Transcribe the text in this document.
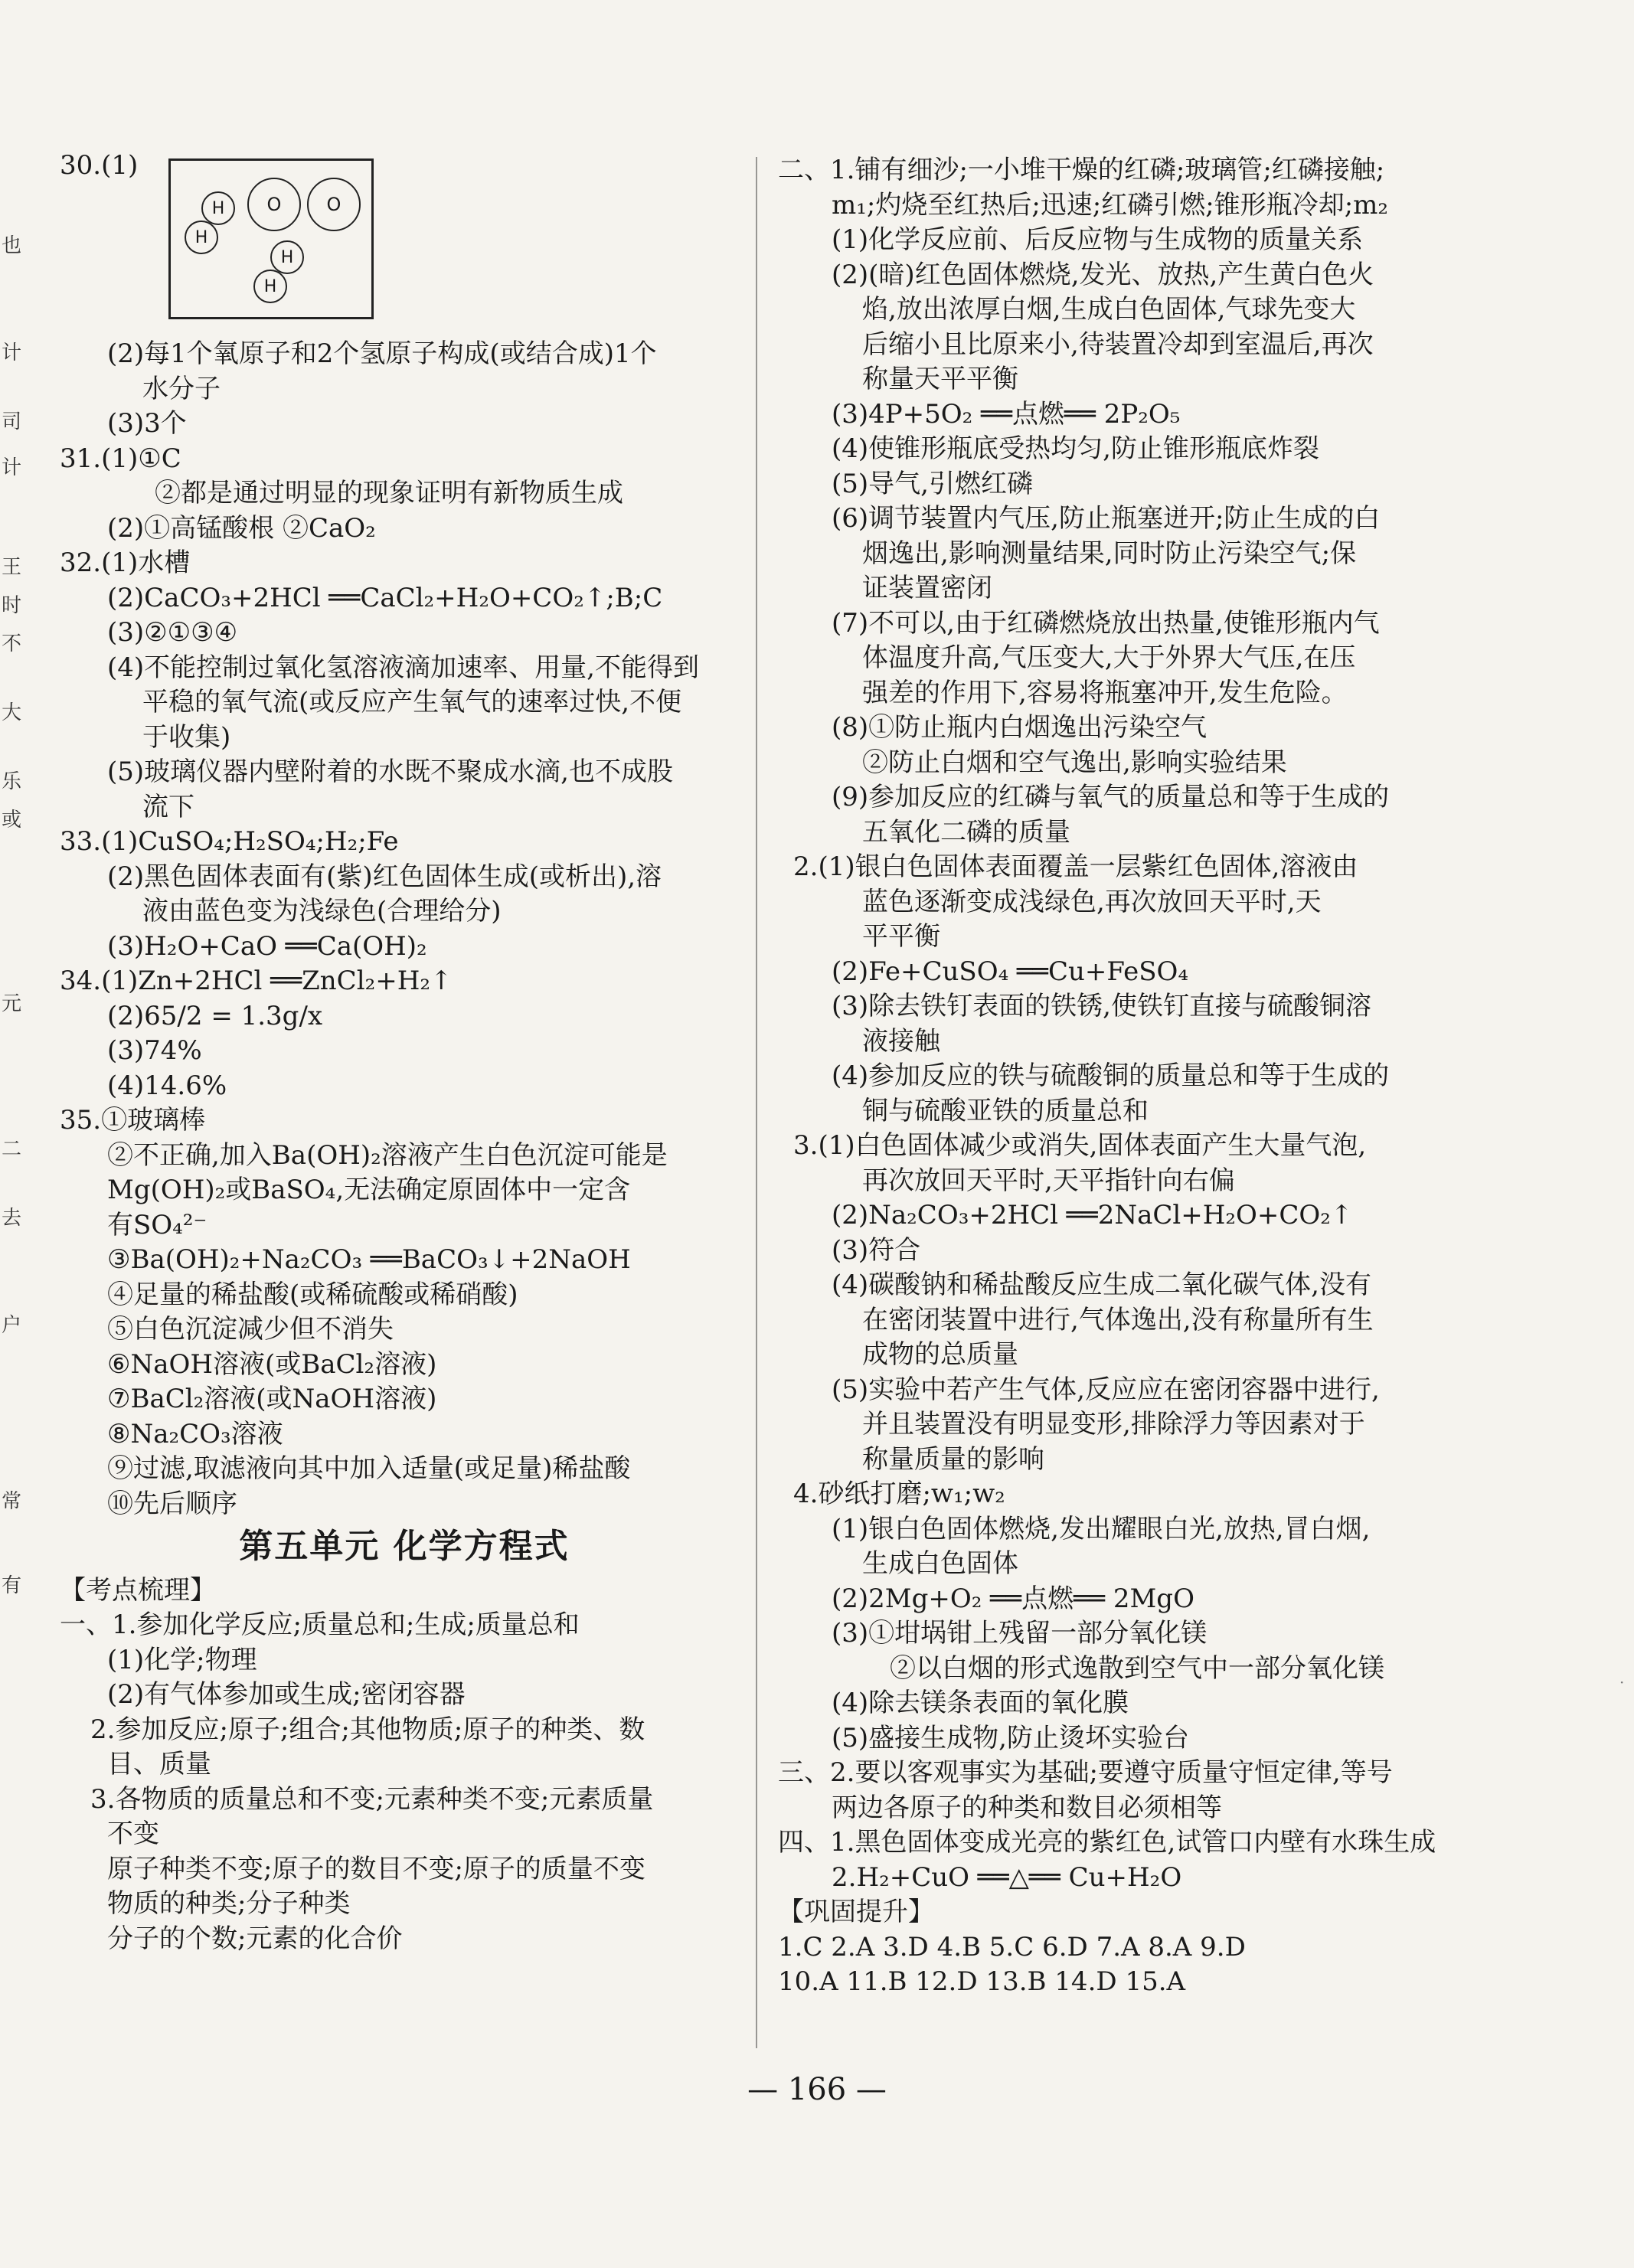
也
计
司
计
王
时
不
大
乐
或
元
二
去
户
常
有
30.(1)
H	O	O
H
H
H
(2)每1个氧原子和2个氢原子构成(或结合成)1个
水分子
(3)3个
31.(1)①C
②都是通过明显的现象证明有新物质生成
(2)①高锰酸根 ②CaO₂
32.(1)水槽
(2)CaCO₃+2HCl ══CaCl₂+H₂O+CO₂↑;B;C
(3)②①③④
(4)不能控制过氧化氢溶液滴加速率、用量,不能得到
平稳的氧气流(或反应产生氧气的速率过快,不便
于收集)
(5)玻璃仪器内壁附着的水既不聚成水滴,也不成股
流下
33.(1)CuSO₄;H₂SO₄;H₂;Fe
(2)黑色固体表面有(紫)红色固体生成(或析出),溶
液由蓝色变为浅绿色(合理给分)
(3)H₂O+CaO ══Ca(OH)₂
34.(1)Zn+2HCl ══ZnCl₂+H₂↑
(2)65/2 = 1.3g/x
(3)74%
(4)14.6%
35.①玻璃棒
②不正确,加入Ba(OH)₂溶液产生白色沉淀可能是
Mg(OH)₂或BaSO₄,无法确定原固体中一定含
有SO₄²⁻
③Ba(OH)₂+Na₂CO₃ ══BaCO₃↓+2NaOH
④足量的稀盐酸(或稀硫酸或稀硝酸)
⑤白色沉淀减少但不消失
⑥NaOH溶液(或BaCl₂溶液)
⑦BaCl₂溶液(或NaOH溶液)
⑧Na₂CO₃溶液
⑨过滤,取滤液向其中加入适量(或足量)稀盐酸
⑩先后顺序
第五单元 化学方程式
【考点梳理】
一、1.参加化学反应;质量总和;生成;质量总和
(1)化学;物理
(2)有气体参加或生成;密闭容器
2.参加反应;原子;组合;其他物质;原子的种类、数
目、质量
3.各物质的质量总和不变;元素种类不变;元素质量
不变
原子种类不变;原子的数目不变;原子的质量不变
物质的种类;分子种类
分子的个数;元素的化合价
二、1.铺有细沙;一小堆干燥的红磷;玻璃管;红磷接触;
m₁;灼烧至红热后;迅速;红磷引燃;锥形瓶冷却;m₂
(1)化学反应前、后反应物与生成物的质量关系
(2)(暗)红色固体燃烧,发光、放热,产生黄白色火
焰,放出浓厚白烟,生成白色固体,气球先变大
后缩小且比原来小,待装置冷却到室温后,再次
称量天平平衡
(3)4P+5O₂ ══点燃══ 2P₂O₅
(4)使锥形瓶底受热均匀,防止锥形瓶底炸裂
(5)导气,引燃红磷
(6)调节装置内气压,防止瓶塞迸开;防止生成的白
烟逸出,影响测量结果,同时防止污染空气;保
证装置密闭
(7)不可以,由于红磷燃烧放出热量,使锥形瓶内气
体温度升高,气压变大,大于外界大气压,在压
强差的作用下,容易将瓶塞冲开,发生危险。
(8)①防止瓶内白烟逸出污染空气
②防止白烟和空气逸出,影响实验结果
(9)参加反应的红磷与氧气的质量总和等于生成的
五氧化二磷的质量
2.(1)银白色固体表面覆盖一层紫红色固体,溶液由
蓝色逐渐变成浅绿色,再次放回天平时,天
平平衡
(2)Fe+CuSO₄ ══Cu+FeSO₄
(3)除去铁钉表面的铁锈,使铁钉直接与硫酸铜溶
液接触
(4)参加反应的铁与硫酸铜的质量总和等于生成的
铜与硫酸亚铁的质量总和
3.(1)白色固体减少或消失,固体表面产生大量气泡,
再次放回天平时,天平指针向右偏
(2)Na₂CO₃+2HCl ══2NaCl+H₂O+CO₂↑
(3)符合
(4)碳酸钠和稀盐酸反应生成二氧化碳气体,没有
在密闭装置中进行,气体逸出,没有称量所有生
成物的总质量
(5)实验中若产生气体,反应应在密闭容器中进行,
并且装置没有明显变形,排除浮力等因素对于
称量质量的影响
4.砂纸打磨;w₁;w₂
(1)银白色固体燃烧,发出耀眼白光,放热,冒白烟,
生成白色固体
(2)2Mg+O₂ ══点燃══ 2MgO
(3)①坩埚钳上残留一部分氧化镁
②以白烟的形式逸散到空气中一部分氧化镁
(4)除去镁条表面的氧化膜
(5)盛接生成物,防止烫坏实验台
三、2.要以客观事实为基础;要遵守质量守恒定律,等号
两边各原子的种类和数目必须相等
四、1.黑色固体变成光亮的紫红色,试管口内壁有水珠生成
2.H₂+CuO ══△══ Cu+H₂O
【巩固提升】
1.C 2.A 3.D 4.B 5.C 6.D 7.A 8.A 9.D
10.A 11.B 12.D 13.B 14.D 15.A
·
— 166 —
